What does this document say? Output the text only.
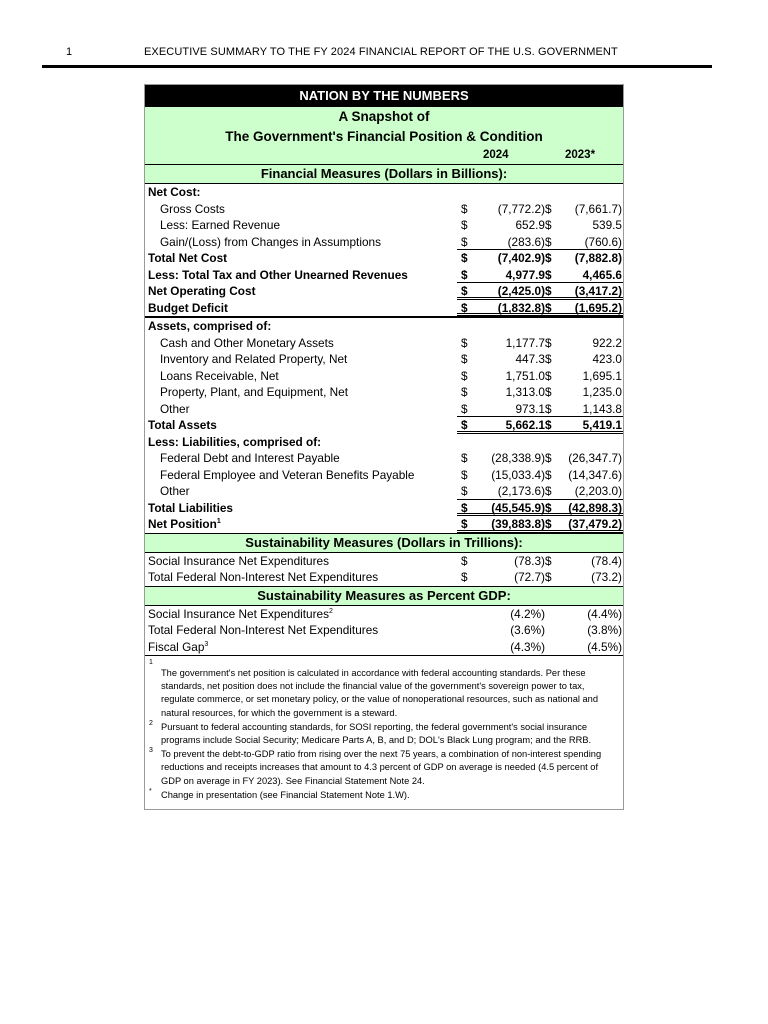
1	EXECUTIVE SUMMARY TO THE FY 2024 FINANCIAL REPORT OF THE U.S. GOVERNMENT
NATION BY THE NUMBERS
A Snapshot of
The Government's Financial Position & Condition
2024	2023*
Financial Measures (Dollars in Billions):
Net Cost:
Gross Costs	$	(7,772.2) $	(7,661.7)
Less: Earned Revenue	$	652.9 $	539.5
Gain/(Loss) from Changes in Assumptions	$	(283.6) $	(760.6)
Total Net Cost	$	(7,402.9) $	(7,882.8)
Less: Total Tax and Other Unearned Revenues	$	4,977.9 $	4,465.6
Net Operating Cost	$	(2,425.0) $	(3,417.2)
Budget Deficit	$	(1,832.8) $	(1,695.2)
Assets, comprised of:
Cash and Other Monetary Assets	$	1,177.7 $	922.2
Inventory and Related Property, Net	$	447.3 $	423.0
Loans Receivable, Net	$	1,751.0 $	1,695.1
Property, Plant, and Equipment, Net	$	1,313.0 $	1,235.0
Other	$	973.1 $	1,143.8
Total Assets	$	5,662.1 $	5,419.1
Less: Liabilities, comprised of:
Federal Debt and Interest Payable	$	(28,338.9) $	(26,347.7)
Federal Employee and Veteran Benefits Payable	$	(15,033.4) $	(14,347.6)
Other	$	(2,173.6) $	(2,203.0)
Total Liabilities	$	(45,545.9) $	(42,898.3)
Net Position$^1$	$	(39,883.8) $	(37,479.2)
Sustainability Measures (Dollars in Trillions):
Social Insurance Net Expenditures	$	(78.3) $	(78.4)
Total Federal Non-Interest Net Expenditures	$	(72.7) $	(73.2)
Sustainability Measures as Percent GDP:
Social Insurance Net Expenditures$^2$	(4.2%)	(4.4%)
Total Federal Non-Interest Net Expenditures	(3.6%)	(3.8%)
Fiscal Gap$^3$	(4.3%)	(4.5%)
1
The government's net position is calculated in accordance with federal accounting standards. Per these standards, net position does not include the financial value of the government's sovereign power to tax, regulate commerce, or set monetary policy, or the value of nonoperational resources, such as national and natural resources, for which the government is a steward.
2 Pursuant to federal accounting standards, for SOSI reporting, the federal government's social insurance programs include Social Security; Medicare Parts A, B, and D; DOL's Black Lung program; and the RRB.
3 To prevent the debt-to-GDP ratio from rising over the next 75 years, a combination of non-interest spending reductions and receipts increases that amount to 4.3 percent of GDP on average is needed (4.5 percent of GDP on average in FY 2023). See Financial Statement Note 24.
* Change in presentation (see Financial Statement Note 1.W).
